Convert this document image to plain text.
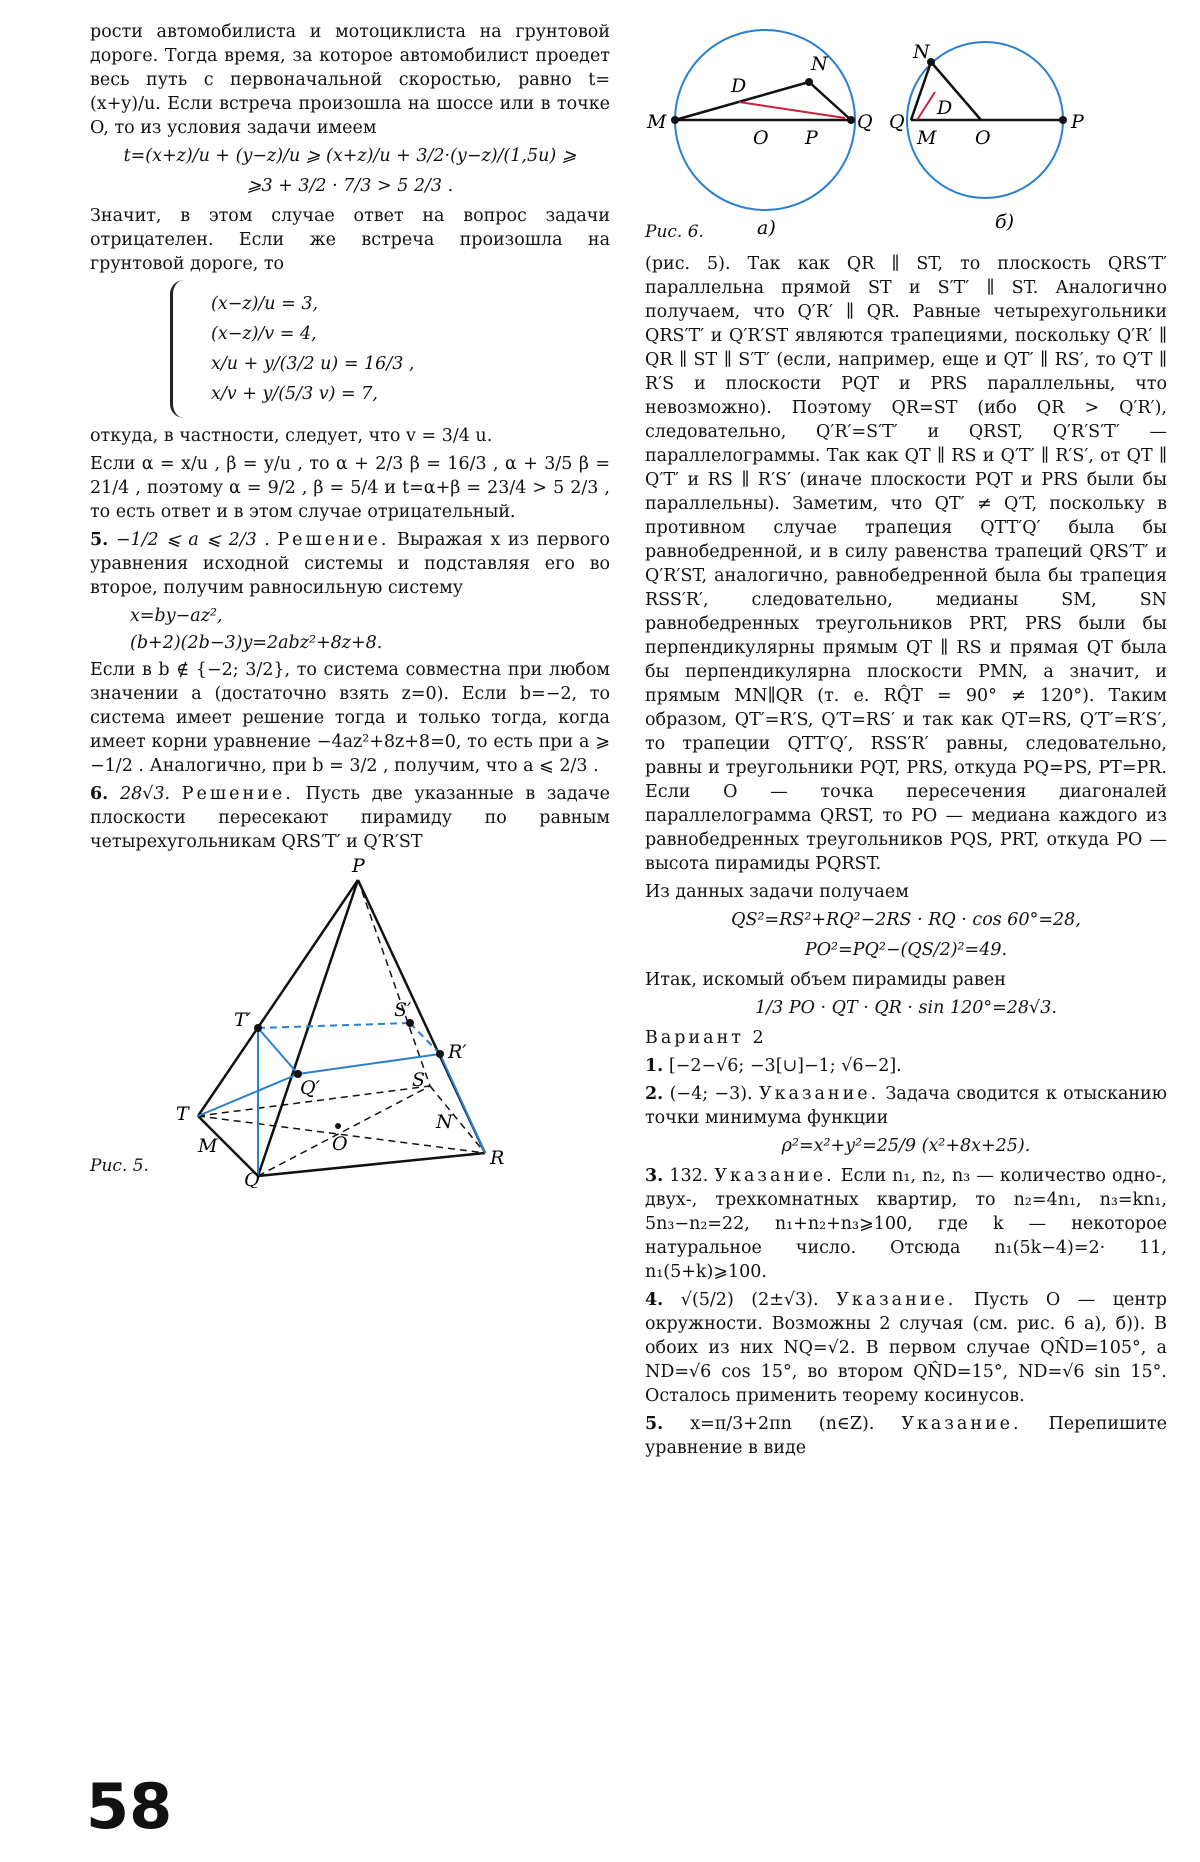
рости автомобилиста и мотоциклиста на грунтовой дороге. Тогда время, за которое автомобилист проедет весь путь с первоначальной скоростью, равно t=(x+y)/u. Если встреча произошла на шоссе или в точке O, то из условия задачи имеем

t=(x+z)/u + (y−z)/u ⩾ (x+z)/u + 3/2·(y−z)/(1,5u) ⩾
⩾3 + 3/2 · 7/3 > 5 2/3 .

Значит, в этом случае ответ на вопрос задачи отрицателен. Если же встреча произошла на грунтовой дороге, то

(x−z)/u = 3,
(x−z)/v = 4,
x/u + y/(3/2 u) = 16/3 ,
x/v + y/(5/3 v) = 7,

откуда, в частности, следует, что v = 3/4 u.

Если α = x/u , β = y/u , то α + 2/3 β = 16/3 , α + 3/5 β = 21/4 , поэтому α = 9/2 , β = 5/4 и t=α+β = 23/4 > 5 2/3 , то есть ответ и в этом случае отрицательный.

5. −1/2 ⩽ a ⩽ 2/3 . Решение. Выражая x из первого уравнения исходной системы и подставляя его во второе, получим равносильную систему

x=by−az²,
(b+2)(2b−3)y=2abz²+8z+8.

Если в b ∉ {−2; 3/2}, то система совместна при любом значении a (достаточно взять z=0). Если b=−2, то система имеет решение тогда и только тогда, когда имеет корни уравнение −4az²+8z+8=0, то есть при a ⩾ −1/2 . Аналогично, при b = 3/2 , получим, что a ⩽ 2/3 .

6. 28√3. Решение. Пусть две указанные в задаче плоскости пересекают пирамиду по равным четырехугольникам QRS′T′ и Q′R′ST

P
T′	S′
R′
Q′	S
T
O
N
M
Q
R
Рис. 5.
N
D
M
O P
Q
N
D
Q
M O
P
а)	б)
Рис. 6.

(рис. 5). Так как QR ∥ ST, то плоскость QRS′T′ параллельна прямой ST и S′T′ ∥ ST. Аналогично получаем, что Q′R′ ∥ QR. Равные четырехугольники QRS′T′ и Q′R′ST являются трапециями, поскольку Q′R′ ∥ QR ∥ ST ∥ S′T′ (если, например, еще и QT′ ∥ RS′, то Q′T ∥ R′S и плоскости PQT и PRS параллельны, что невозможно). Поэтому QR=ST (ибо QR > Q′R′), следовательно, Q′R′=S′T′ и QRST, Q′R′S′T′ — параллелограммы. Так как QT ∥ RS и Q′T′ ∥ R′S′, от QT ∥ Q′T′ и RS ∥ R′S′ (иначе плоскости PQT и PRS были бы параллельны). Заметим, что QT′ ≠ Q′T, поскольку в противном случае трапеция QTT′Q′ была бы равнобедренной, и в силу равенства трапеций QRS′T′ и Q′R′ST, аналогично, равнобедренной была бы трапеция RSS′R′, следовательно, медианы SM, SN равнобедренных треугольников PRT, PRS были бы перпендикулярны прямым QT ∥ RS и прямая QT была бы перпендикулярна плоскости PMN, а значит, и прямым MN∥QR (т. е. RQ̂T = 90° ≠ 120°). Таким образом, QT′=R′S, Q′T=RS′ и так как QT=RS, Q′T′=R′S′, то трапеции QTT′Q′, RSS′R′ равны, следовательно, равны и треугольники PQT, PRS, откуда PQ=PS, PT=PR. Если O — точка пересечения диагоналей параллелограмма QRST, то PO — медиана каждого из равнобедренных треугольников PQS, PRT, откуда PO — высота пирамиды PQRST.

Из данных задачи получаем

QS²=RS²+RQ²−2RS · RQ · cos 60°=28,
PO²=PQ²−(QS/2)²=49.

Итак, искомый объем пирамиды равен

1/3 PO · QT · QR · sin 120°=28√3.

Вариант 2

1. [−2−√6; −3[∪]−1; √6−2].

2. (−4; −3). Указание. Задача сводится к отысканию точки минимума функции

ρ²=x²+y²=25/9 (x²+8x+25).

3. 132. Указание. Если n₁, n₂, n₃ — количество одно-, двух-, трехкомнатных квартир, то n₂=4n₁, n₃=kn₁, 5n₃−n₂=22, n₁+n₂+n₃⩾100, где k — некоторое натуральное число. Отсюда n₁(5k−4)=2· 11, n₁(5+k)⩾100.

4. √(5/2) (2±√3). Указание. Пусть O — центр окружности. Возможны 2 случая (см. рис. 6 а), б)). В обоих из них NQ=√2. В первом случае QN̂D=105°, а ND=√6 cos 15°, во втором QN̂D=15°, ND=√6 sin 15°. Осталось применить теорему косинусов.

5. x=π/3+2πn (n∈Z). Указание. Перепишите уравнение в виде

58
